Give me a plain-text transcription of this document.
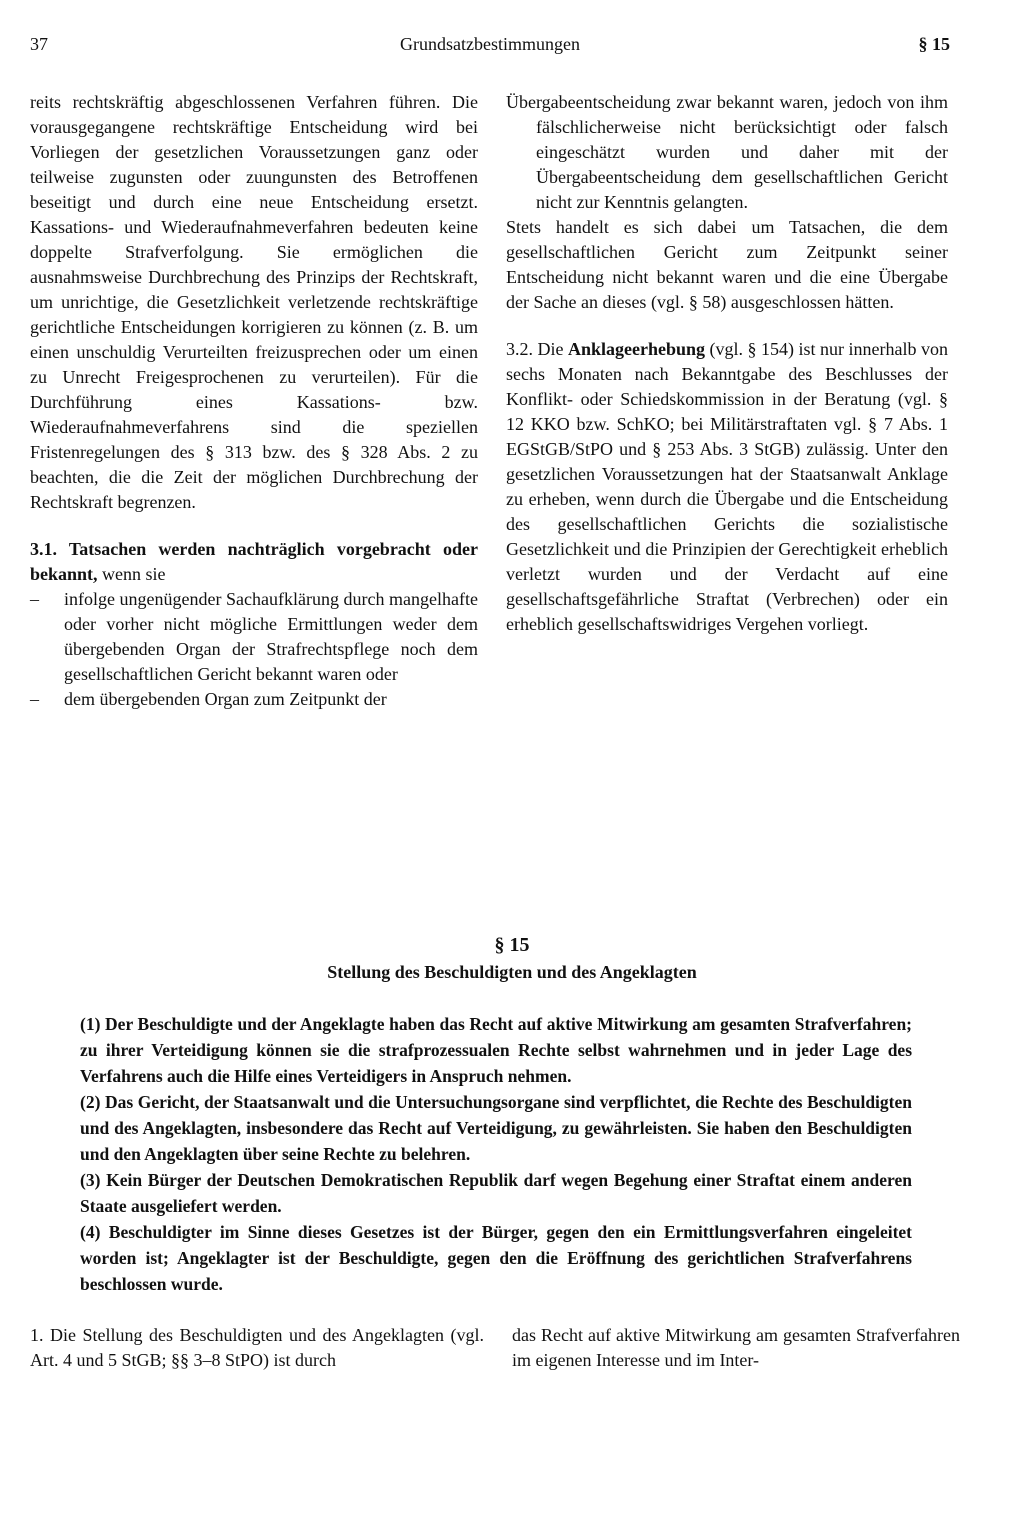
37	Grundsatzbestimmungen	§ 15

reits rechtskräftig abgeschlossenen Verfahren führen. Die vorausgegangene rechtskräftige Entscheidung wird bei Vorliegen der gesetzlichen Voraussetzungen ganz oder teilweise zugunsten oder zuungunsten des Betroffenen beseitigt und durch eine neue Entscheidung ersetzt. Kassations- und Wiederaufnahmeverfahren bedeuten keine doppelte Strafverfolgung. Sie ermöglichen die ausnahmsweise Durchbrechung des Prinzips der Rechtskraft, um unrichtige, die Gesetzlichkeit verletzende rechtskräftige gerichtliche Entscheidungen korrigieren zu können (z. B. um einen unschuldig Verurteilten freizusprechen oder um einen zu Unrecht Freigesprochenen zu verurteilen). Für die Durchführung eines Kassations- bzw. Wiederaufnahmeverfahrens sind die speziellen Fristenregelungen des § 313 bzw. des § 328 Abs. 2 zu beachten, die die Zeit der möglichen Durchbrechung der Rechtskraft begrenzen.

3.1. Tatsachen werden nachträglich vorgebracht oder bekannt, wenn sie

– infolge ungenügender Sachaufklärung durch mangelhafte oder vorher nicht mögliche Ermittlungen weder dem übergebenden Organ der Strafrechtspflege noch dem gesellschaftlichen Gericht bekannt waren oder
– dem übergebenden Organ zum Zeitpunkt der

Übergabeentscheidung zwar bekannt waren, jedoch von ihm fälschlicherweise nicht berücksichtigt oder falsch eingeschätzt wurden und daher mit der Übergabeentscheidung dem gesellschaftlichen Gericht nicht zur Kenntnis gelangten.

Stets handelt es sich dabei um Tatsachen, die dem gesellschaftlichen Gericht zum Zeitpunkt seiner Entscheidung nicht bekannt waren und die eine Übergabe der Sache an dieses (vgl. § 58) ausgeschlossen hätten.

3.2. Die Anklageerhebung (vgl. § 154) ist nur innerhalb von sechs Monaten nach Bekanntgabe des Beschlusses der Konflikt- oder Schiedskommission in der Beratung (vgl. § 12 KKO bzw. SchKO; bei Militärstraftaten vgl. § 7 Abs. 1 EGStGB/StPO und § 253 Abs. 3 StGB) zulässig. Unter den gesetzlichen Voraussetzungen hat der Staatsanwalt Anklage zu erheben, wenn durch die Übergabe und die Entscheidung des gesellschaftlichen Gerichts die sozialistische Gesetzlichkeit und die Prinzipien der Gerechtigkeit erheblich verletzt wurden und der Verdacht auf eine gesellschaftsgefährliche Straftat (Verbrechen) oder ein erheblich gesellschaftswidriges Vergehen vorliegt.

§ 15
Stellung des Beschuldigten und des Angeklagten

(1) Der Beschuldigte und der Angeklagte haben das Recht auf aktive Mitwirkung am gesamten Strafverfahren; zu ihrer Verteidigung können sie die strafprozessualen Rechte selbst wahrnehmen und in jeder Lage des Verfahrens auch die Hilfe eines Verteidigers in Anspruch nehmen.

(2) Das Gericht, der Staatsanwalt und die Untersuchungsorgane sind verpflichtet, die Rechte des Beschuldigten und des Angeklagten, insbesondere das Recht auf Verteidigung, zu gewährleisten. Sie haben den Beschuldigten und den Angeklagten über seine Rechte zu belehren.

(3) Kein Bürger der Deutschen Demokratischen Republik darf wegen Begehung einer Straftat einem anderen Staate ausgeliefert werden.

(4) Beschuldigter im Sinne dieses Gesetzes ist der Bürger, gegen den ein Ermittlungsverfahren eingeleitet worden ist; Angeklagter ist der Beschuldigte, gegen den die Eröffnung des gerichtlichen Strafverfahrens beschlossen wurde.

1. Die Stellung des Beschuldigten und des Angeklagten (vgl. Art. 4 und 5 StGB; §§ 3–8 StPO) ist durch

das Recht auf aktive Mitwirkung am gesamten Strafverfahren im eigenen Interesse und im Inter-
